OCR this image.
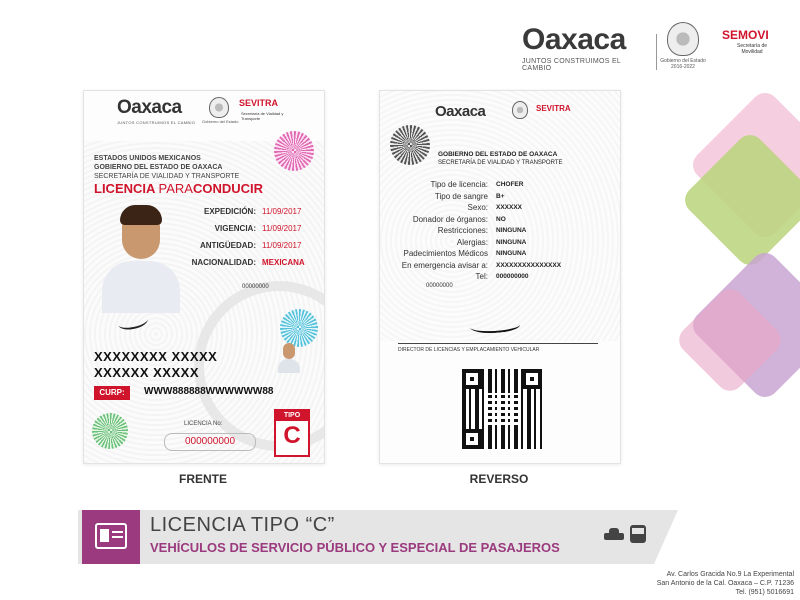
Oaxaca
JUNTOS CONSTRUIMOS EL CAMBIO
Gobierno del Estado 2016-2022
SEMOVI
Secretaría de Movilidad
Oaxaca
JUNTOS CONSTRUIMOS EL CAMBIO Gobierno del Estado
SEVITRA
Secretaría de Vialidad y Transporte
ESTADOS UNIDOS MEXICANOS
GOBIERNO DEL ESTADO DE OAXACA
SECRETARÍA DE VIALIDAD Y TRANSPORTE
LICENCIA PARACONDUCIR
00000000
EXPEDICIÓN: 11/09/2017
VIGENCIA: 11/09/2017
ANTIGÜEDAD: 11/09/2017
NACIONALIDAD: MEXICANA
XXXXXXXX XXXXX
XXXXXX XXXXX
CURP:	WWW888888WWWWWW88
LICENCIA No:
000000000
TIPO
C
FRENTE
Oaxaca	SEVITRA
GOBIERNO DEL ESTADO DE OAXACA
SECRETARÍA DE VIALIDAD Y TRANSPORTE
Tipo de licencia: CHOFER
Tipo de sangre B+
Sexo: XXXXXX
Donador de órganos: NO
Restricciones: NINGUNA
Alergias: NINGUNA
Padecimientos Médicos NINGUNA
En emergencia avisar a: XXXXXXXXXXXXXXX
Tel: 000000000
00000000
DIRECTOR DE LICENCIAS Y EMPLACAMIENTO VEHICULAR
REVERSO
LICENCIA TIPO “C”
VEHÍCULOS DE SERVICIO PÚBLICO Y ESPECIAL DE PASAJEROS
Av. Carlos Gracida No.9 La Experimental
San Antonio de la Cal. Oaxaca – C.P. 71236
Tel. (951) 5016691
